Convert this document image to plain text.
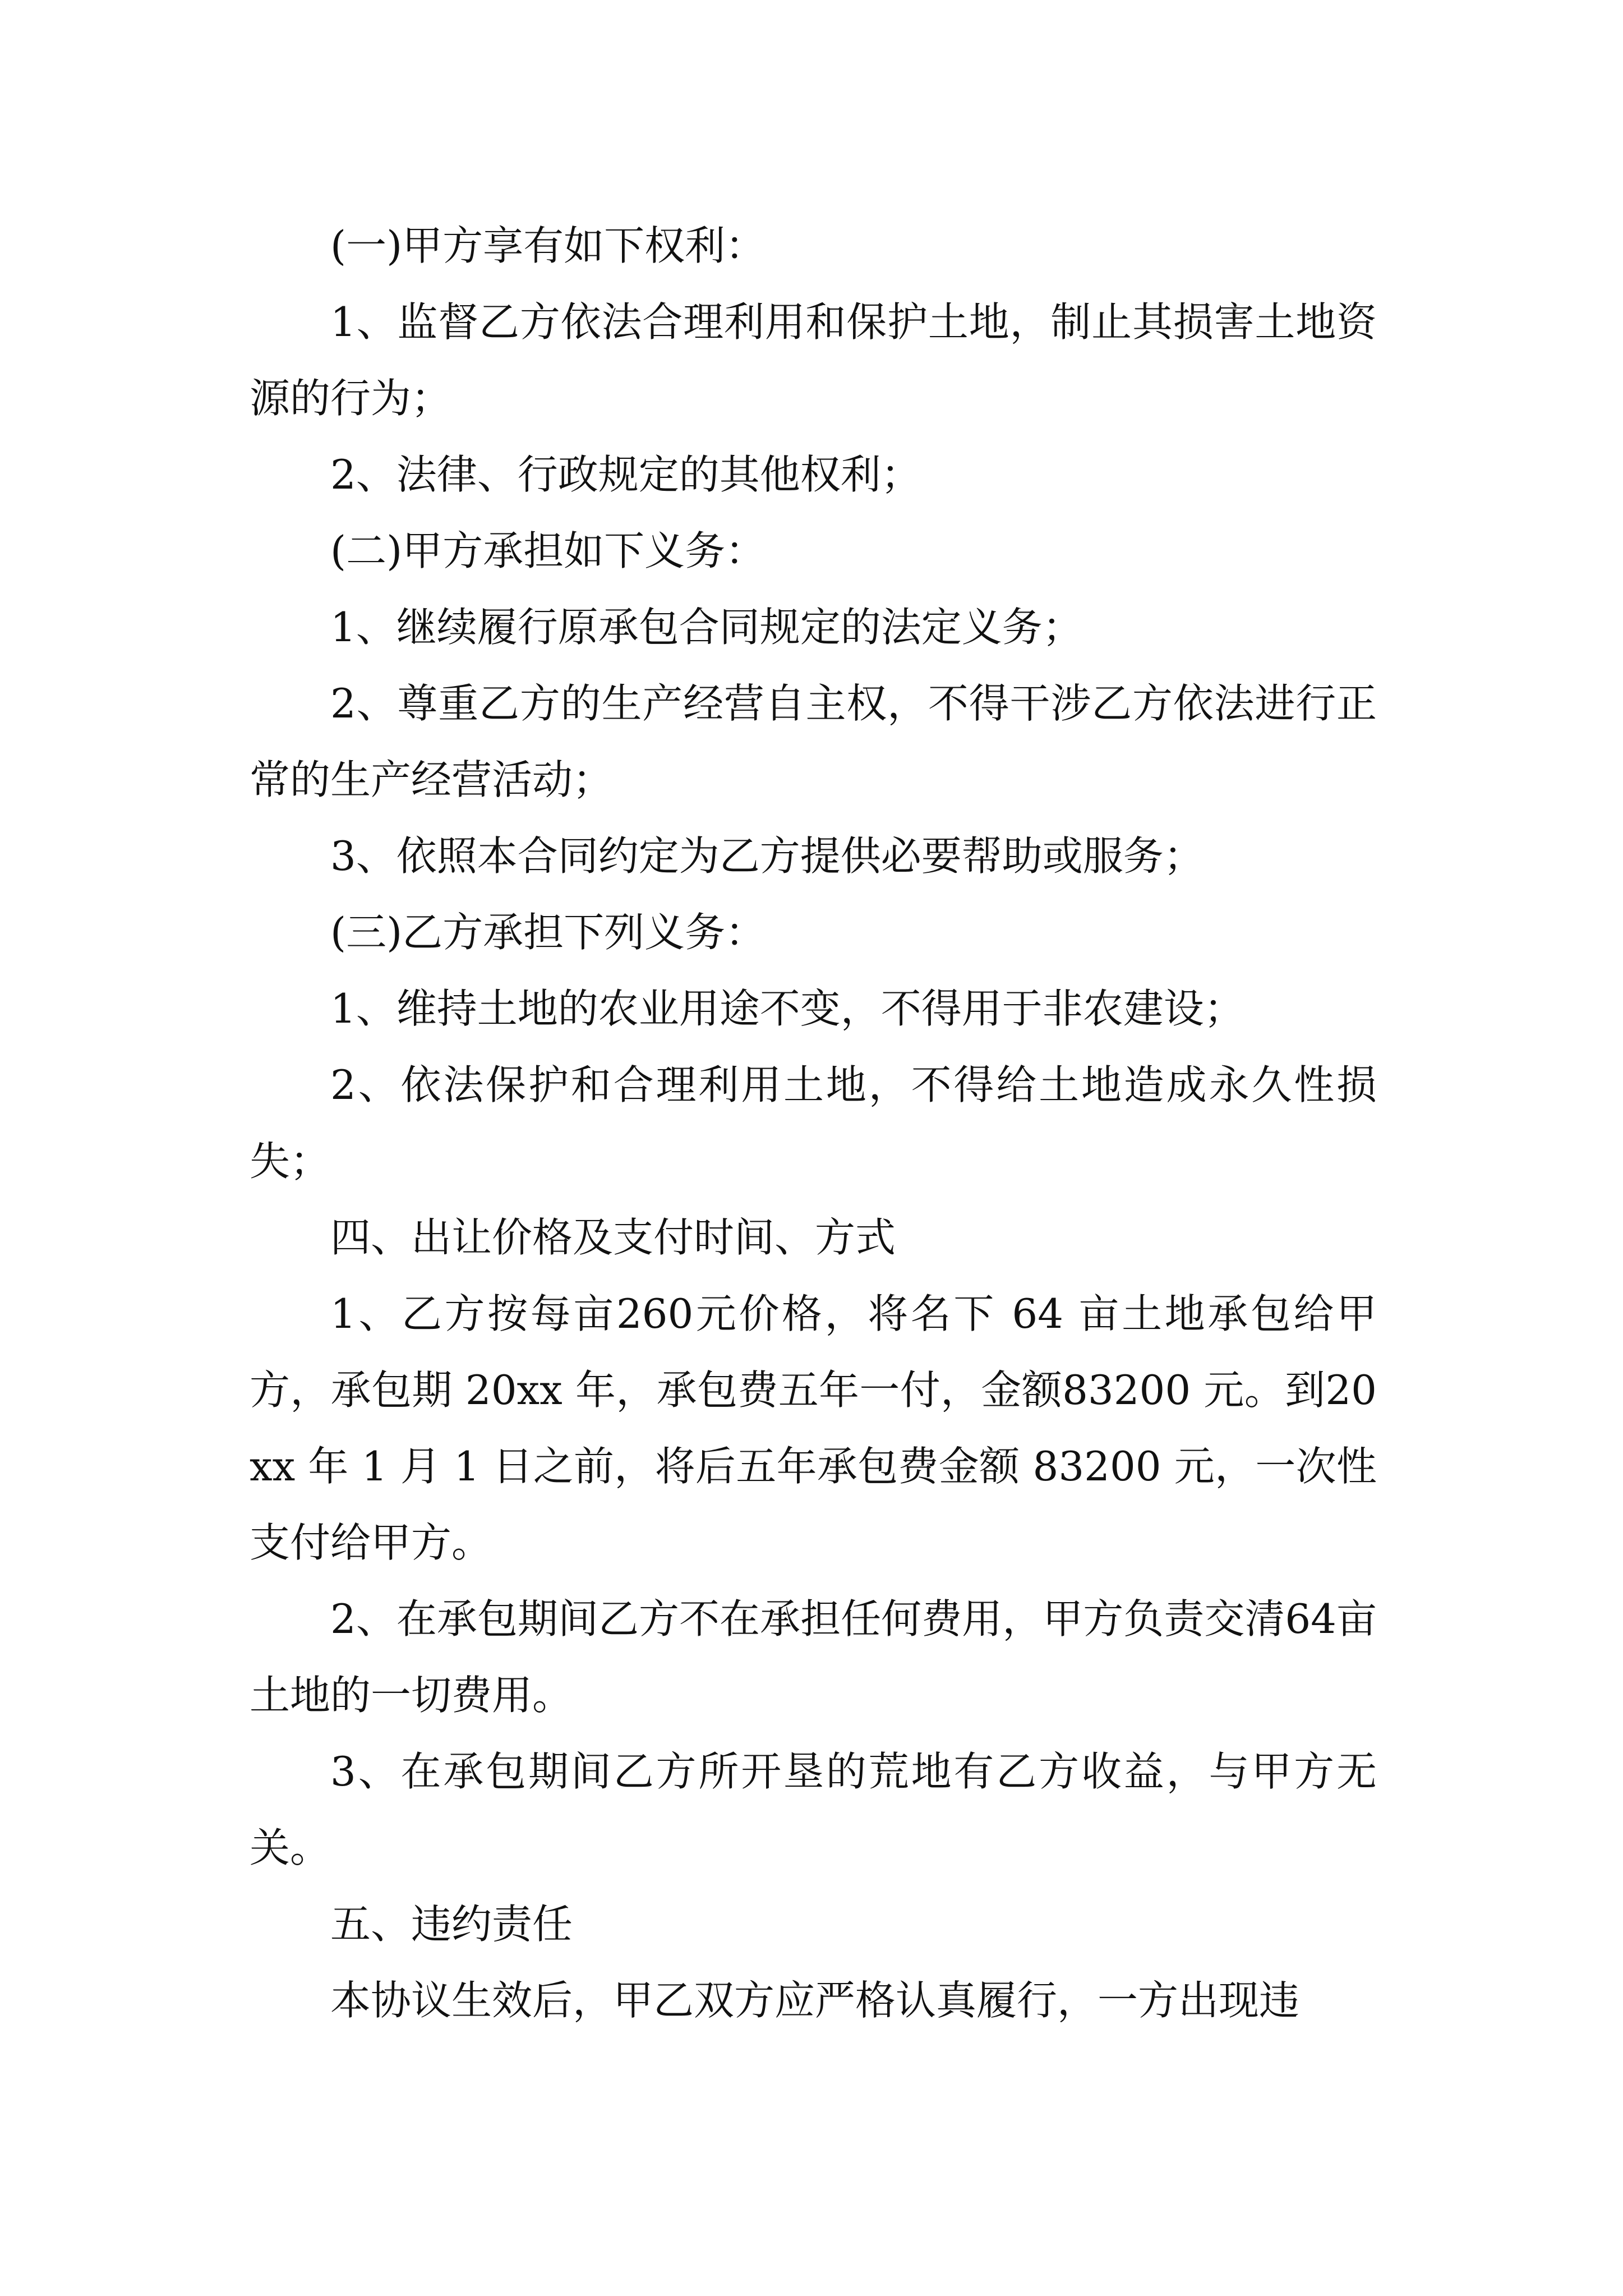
(一)甲方享有如下权利：

1、监督乙方依法合理利用和保护土地，制止其损害土地资源的行为；

2、法律、行政规定的其他权利；

(二)甲方承担如下义务：

1、继续履行原承包合同规定的法定义务；

2、尊重乙方的生产经营自主权，不得干涉乙方依法进行正常的生产经营活动；

3、依照本合同约定为乙方提供必要帮助或服务；

(三)乙方承担下列义务：

1、维持土地的农业用途不变，不得用于非农建设；

2、依法保护和合理利用土地，不得给土地造成永久性损失；

四、出让价格及支付时间、方式

1、乙方按每亩260元价格，将名下 64 亩土地承包给甲方，承包期 20xx 年，承包费五年一付，金额83200 元。到20xx 年 1 月 1 日之前，将后五年承包费金额 83200 元，一次性支付给甲方。

2、在承包期间乙方不在承担任何费用，甲方负责交清64亩土地的一切费用。

3、在承包期间乙方所开垦的荒地有乙方收益，与甲方无关。

五、违约责任

本协议生效后，甲乙双方应严格认真履行，一方出现违
